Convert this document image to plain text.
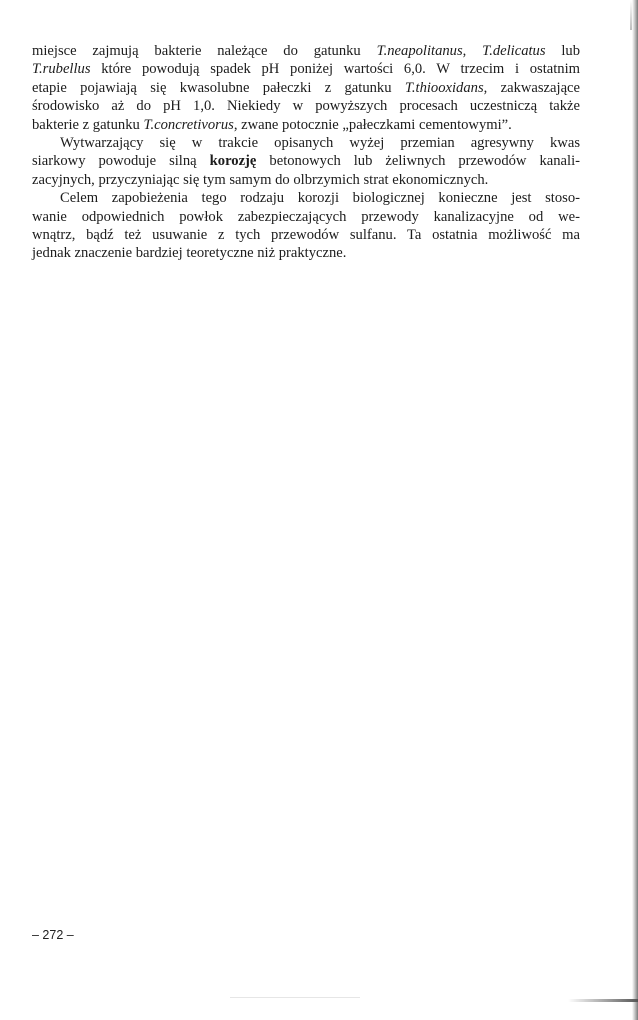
miejsce zajmują bakterie należące do gatunku T.neapolitanus, T.delicatus lub
T.rubellus które powodują spadek pH poniżej wartości 6,0. W trzecim i ostatnim
etapie pojawiają się kwasolubne pałeczki z gatunku T.thiooxidans, zakwaszające
środowisko aż do pH 1,0. Niekiedy w powyższych procesach uczestniczą także
bakterie z gatunku T.concretivorus, zwane potocznie „pałeczkami cementowymi”.
Wytwarzający się w trakcie opisanych wyżej przemian agresywny kwas
siarkowy powoduje silną korozję betonowych lub żeliwnych przewodów kanali-
zacyjnych, przyczyniając się tym samym do olbrzymich strat ekonomicznych.
Celem zapobieżenia tego rodzaju korozji biologicznej konieczne jest stoso-
wanie odpowiednich powłok zabezpieczających przewody kanalizacyjne od we-
wnątrz, bądź też usuwanie z tych przewodów sulfanu. Ta ostatnia możliwość ma
jednak znaczenie bardziej teoretyczne niż praktyczne.
– 272 –
